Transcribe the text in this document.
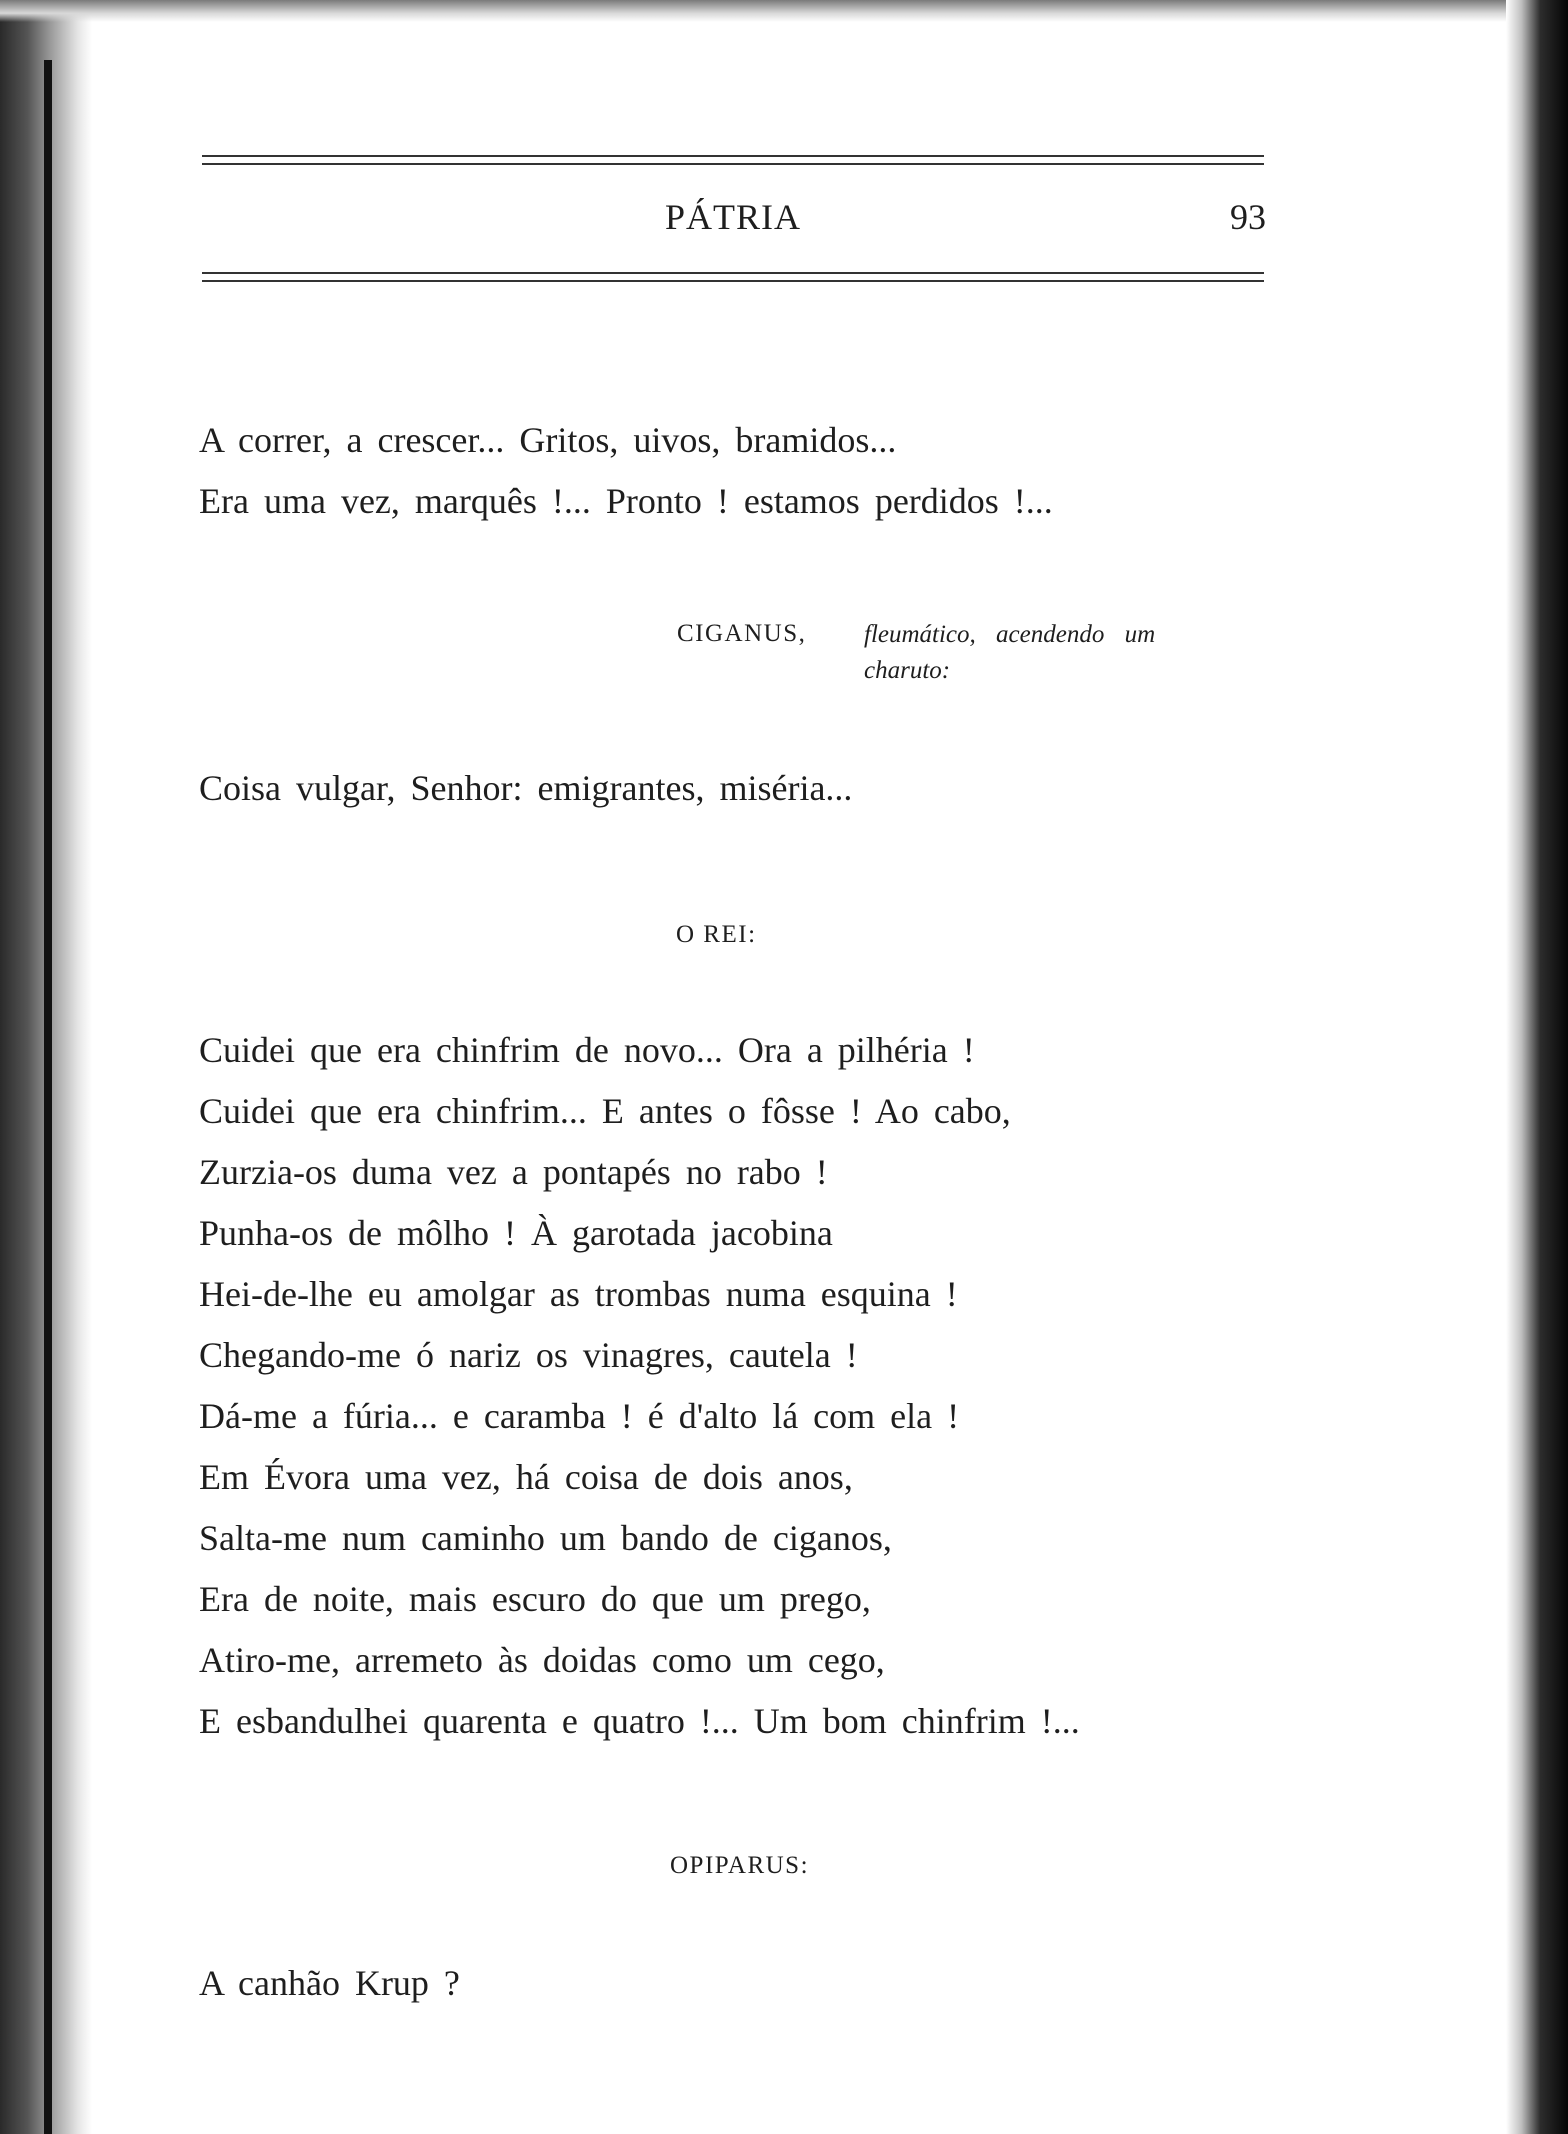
PÁTRIA	93
A correr, a crescer... Gritos, uivos, bramidos...
Era uma vez, marquês !... Pronto ! estamos perdidos !...
CIGANUS, fleumático, acendendo um
charuto:
Coisa vulgar, Senhor: emigrantes, miséria...
O REI:
Cuidei que era chinfrim de novo... Ora a pilhéria !
Cuidei que era chinfrim... E antes o fôsse ! Ao cabo,
Zurzia-os duma vez a pontapés no rabo !
Punha-os de môlho ! À garotada jacobina
Hei-de-lhe eu amolgar as trombas numa esquina !
Chegando-me ó nariz os vinagres, cautela !
Dá-me a fúria... e caramba ! é d'alto lá com ela !
Em Évora uma vez, há coisa de dois anos,
Salta-me num caminho um bando de ciganos,
Era de noite, mais escuro do que um prego,
Atiro-me, arremeto às doidas como um cego,
E esbandulhei quarenta e quatro !... Um bom chinfrim !...
OPIPARUS:
A canhão Krup ?
